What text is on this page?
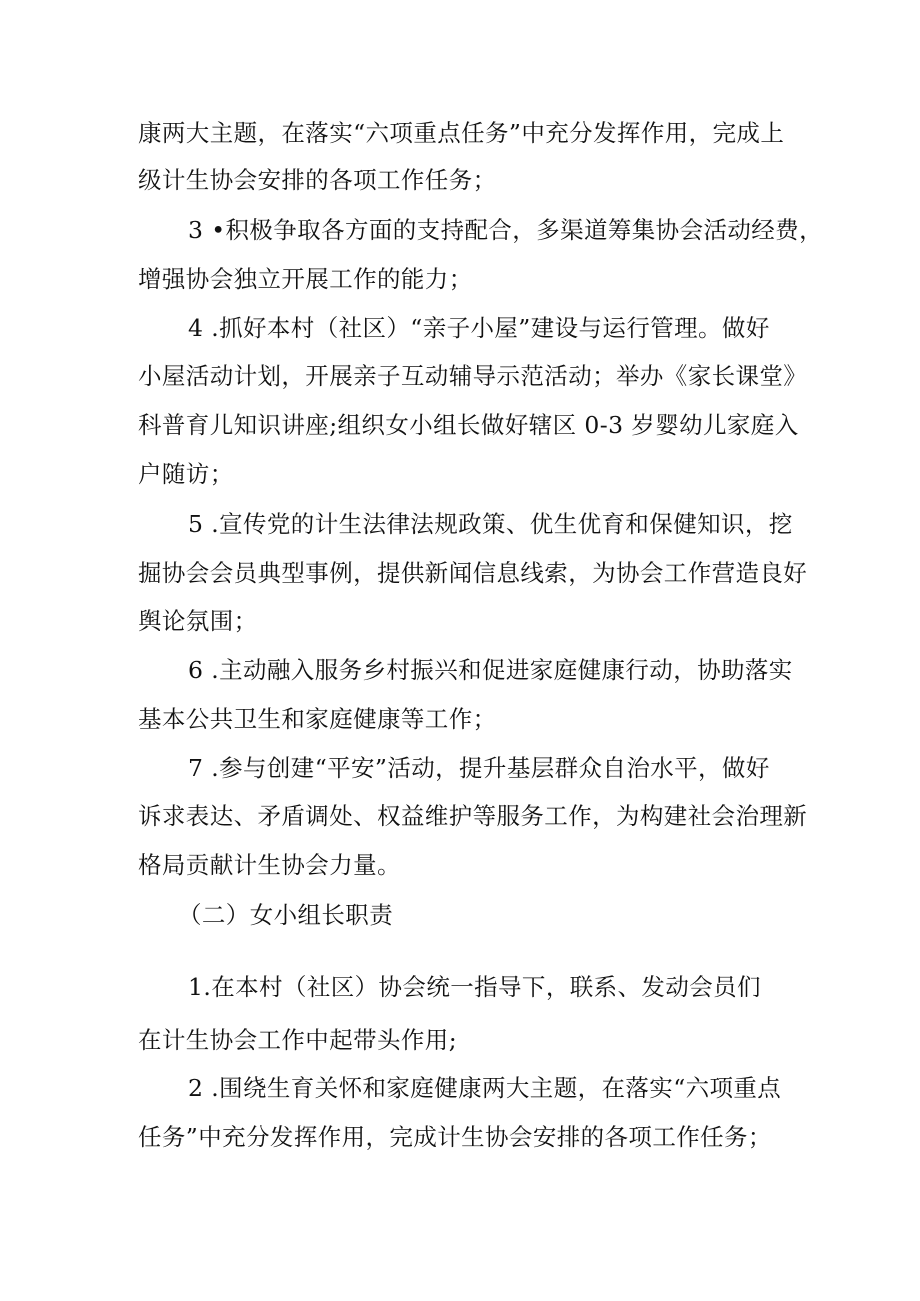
康两大主题，在落实“六项重点任务”中充分发挥作用，完成上
级计生协会安排的各项工作任务；
3 •积极争取各方面的支持配合，多渠道筹集协会活动经费，
增强协会独立开展工作的能力；
4 .抓好本村（社区）“亲子小屋”建设与运行管理。做好
小屋活动计划，开展亲子互动辅导示范活动；举办《家长课堂》
科普育儿知识讲座;组织女小组长做好辖区 0-3 岁婴幼儿家庭入
户随访；
5 .宣传党的计生法律法规政策、优生优育和保健知识，挖
掘协会会员典型事例，提供新闻信息线索，为协会工作营造良好
舆论氛围；
6 .主动融入服务乡村振兴和促进家庭健康行动，协助落实
基本公共卫生和家庭健康等工作；
7 .参与创建“平安”活动，提升基层群众自治水平，做好
诉求表达、矛盾调处、权益维护等服务工作，为构建社会治理新
格局贡献计生协会力量。
（二）女小组长职责
1.在本村（社区）协会统一指导下，联系、发动会员们
在计生协会工作中起带头作用;
2 .围绕生育关怀和家庭健康两大主题，在落实“六项重点
任务”中充分发挥作用，完成计生协会安排的各项工作任务；
